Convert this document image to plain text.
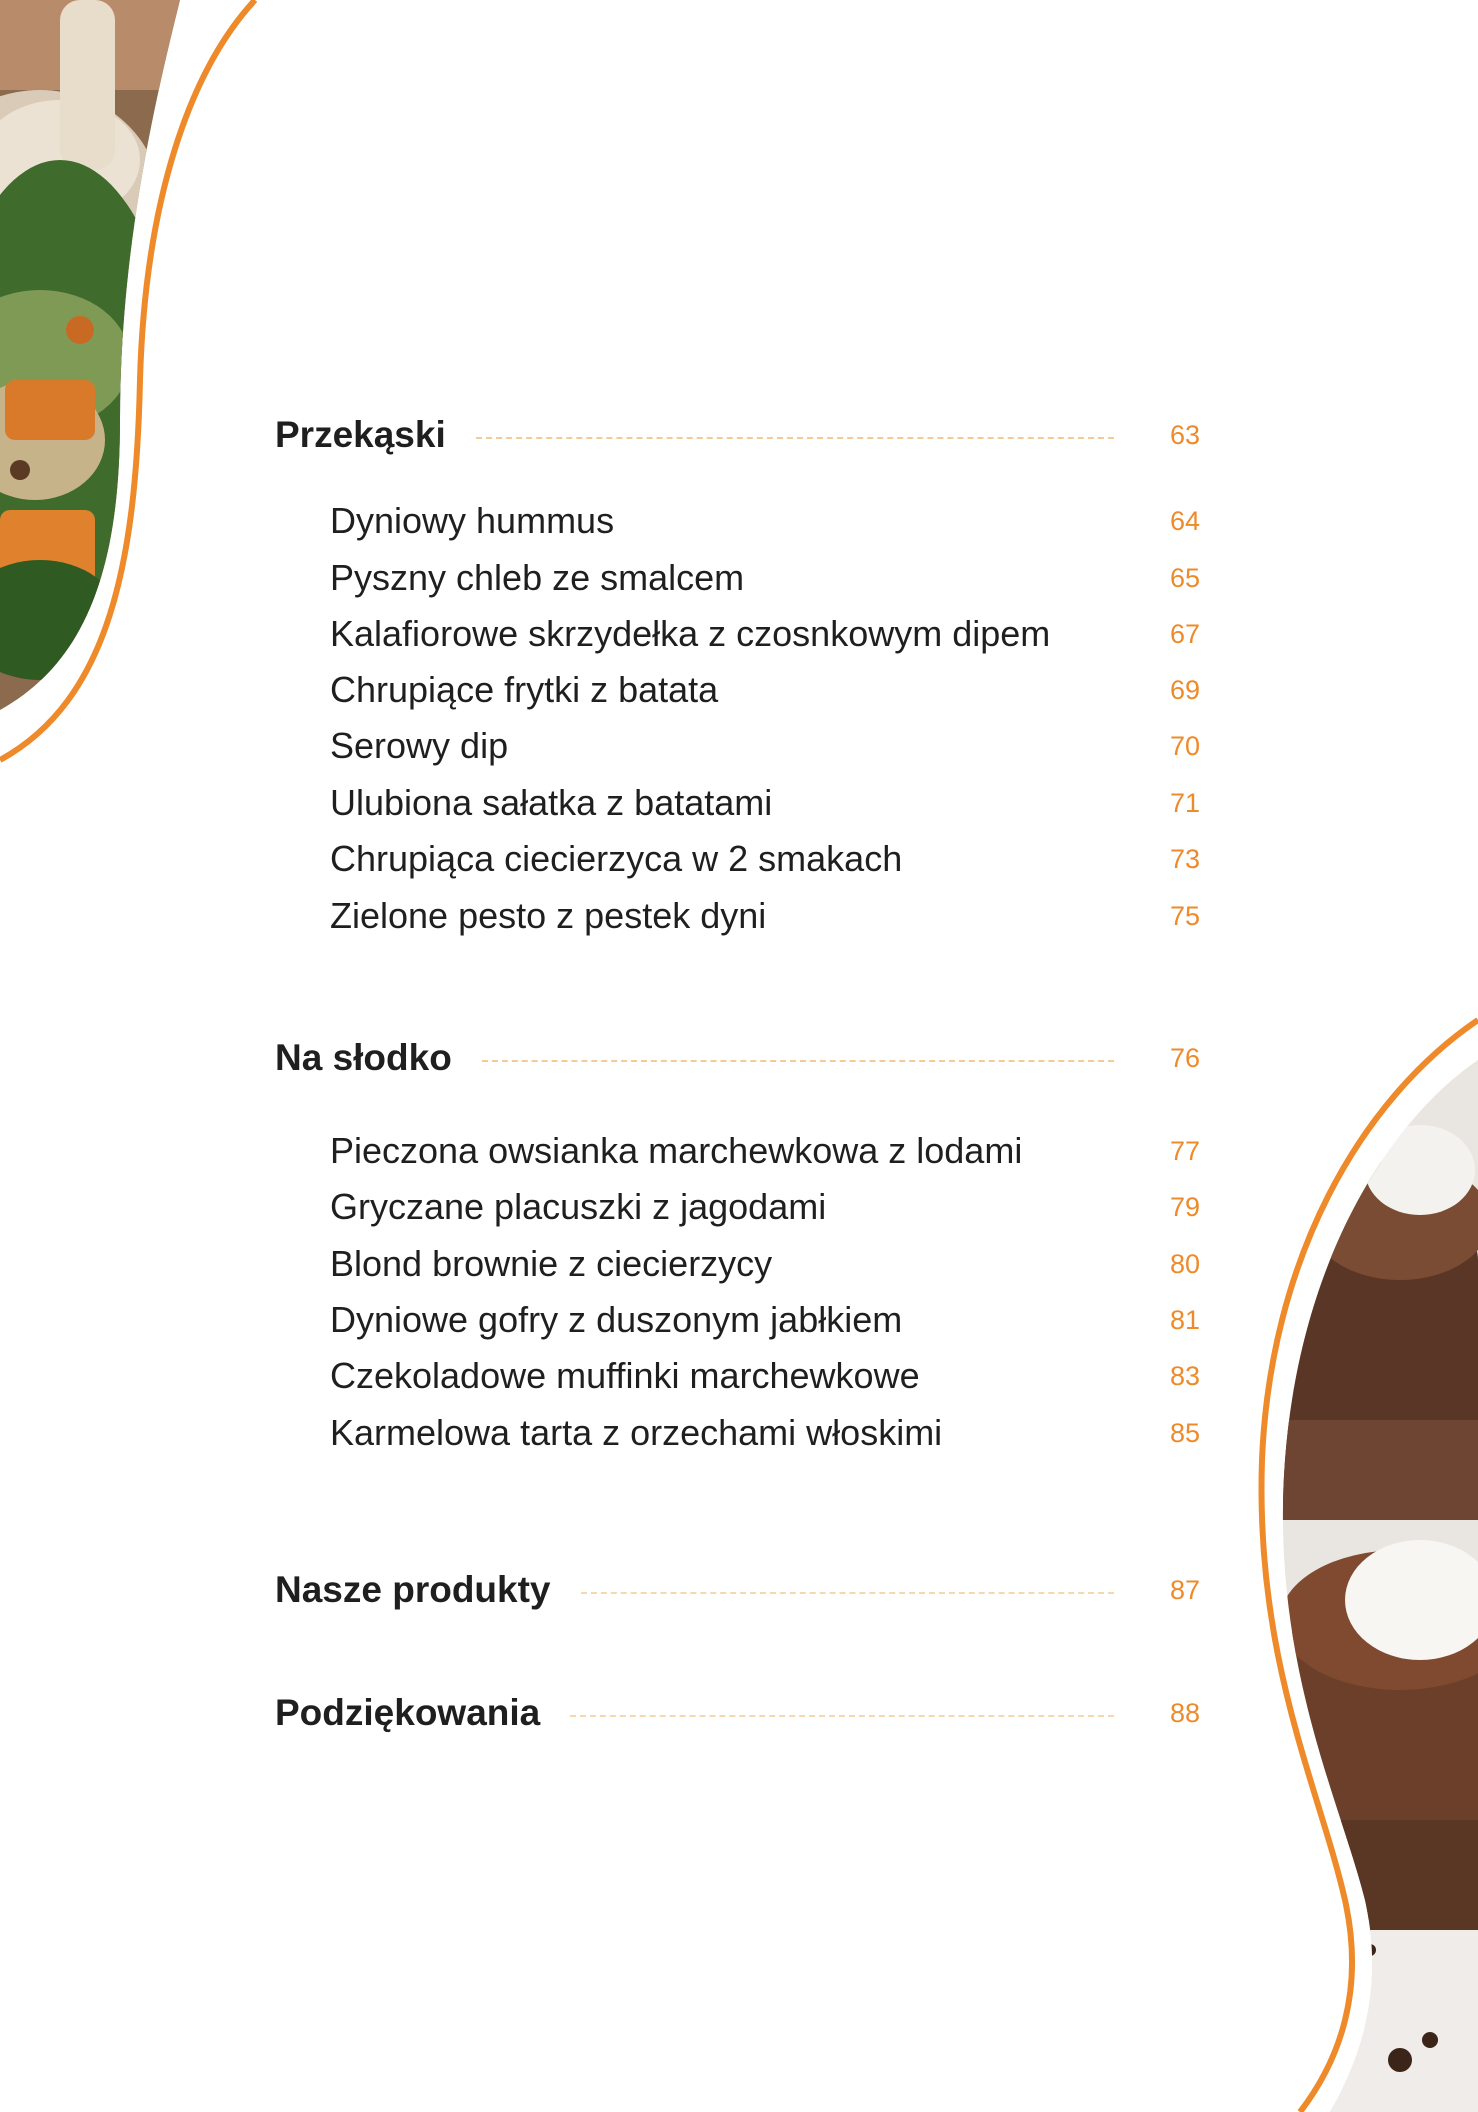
Przekąski	63
Dyniowy hummus	64
Pyszny chleb ze smalcem	65
Kalafiorowe skrzydełka z czosnkowym dipem	67
Chrupiące frytki z batata	69
Serowy dip	70
Ulubiona sałatka z batatami	71
Chrupiąca ciecierzyca w 2 smakach	73
Zielone pesto z pestek dyni	75
Na słodko	76
Pieczona owsianka marchewkowa z lodami	77
Gryczane placuszki z jagodami	79
Blond brownie z ciecierzycy	80
Dyniowe gofry z duszonym jabłkiem	81
Czekoladowe muffinki marchewkowe	83
Karmelowa tarta z orzechami włoskimi	85
Nasze produkty	87
Podziękowania	88
